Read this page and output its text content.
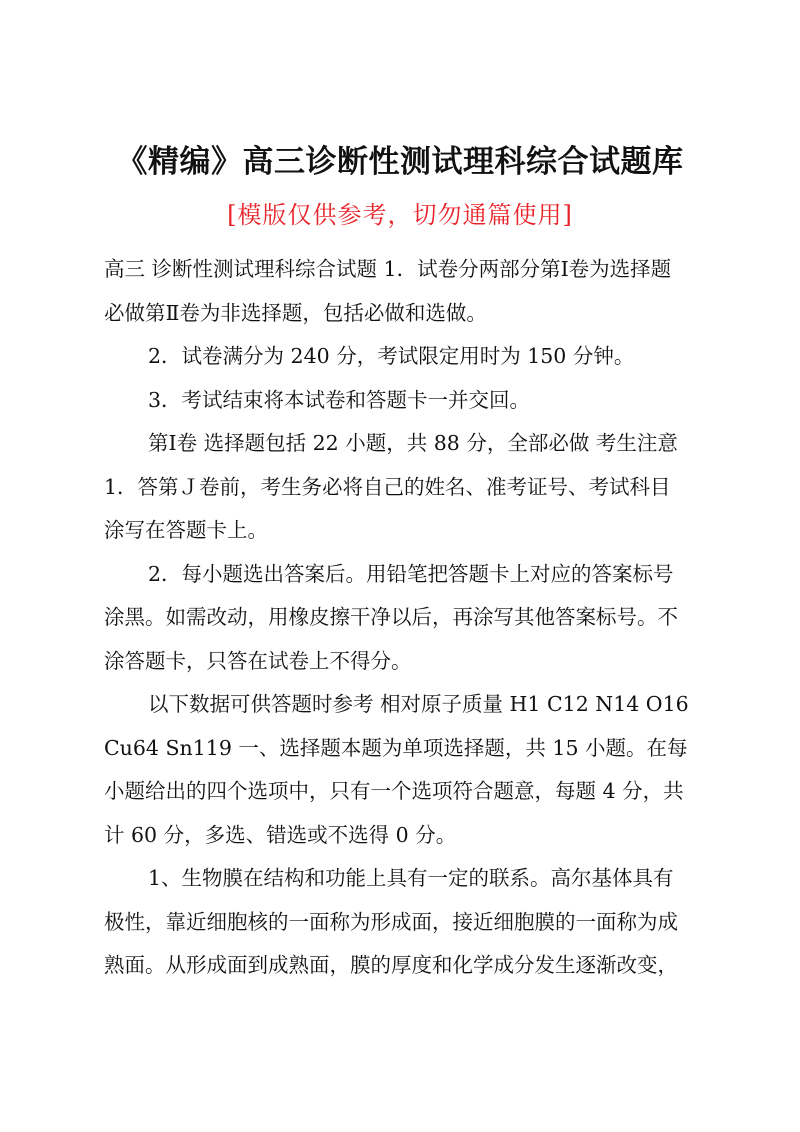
《精编》高三诊断性测试理科综合试题库
[模版仅供参考，切勿通篇使用]
高三 诊断性测试理科综合试题 1．试卷分两部分第Ⅰ卷为选择题
必做第Ⅱ卷为非选择题，包括必做和选做。
2．试卷满分为 240 分，考试限定用时为 150 分钟。
3．考试结束将本试卷和答题卡一并交回。
第Ⅰ卷 选择题包括 22 小题，共 88 分，全部必做 考生注意
1．答第Ｊ卷前，考生务必将自己的姓名、准考证号、考试科目
涂写在答题卡上。
2．每小题选出答案后。用铅笔把答题卡上对应的答案标号
涂黑。如需改动，用橡皮擦干净以后，再涂写其他答案标号。不
涂答题卡，只答在试卷上不得分。
以下数据可供答题时参考 相对原子质量 H1 C12 N14 O16
Cu64 Sn119 一、选择题本题为单项选择题，共 15 小题。在每
小题给出的四个选项中，只有一个选项符合题意，每题 4 分，共
计 60 分，多选、错选或不选得 0 分。
1、生物膜在结构和功能上具有一定的联系。高尔基体具有
极性，靠近细胞核的一面称为形成面，接近细胞膜的一面称为成
熟面。从形成面到成熟面，膜的厚度和化学成分发生逐渐改变，
